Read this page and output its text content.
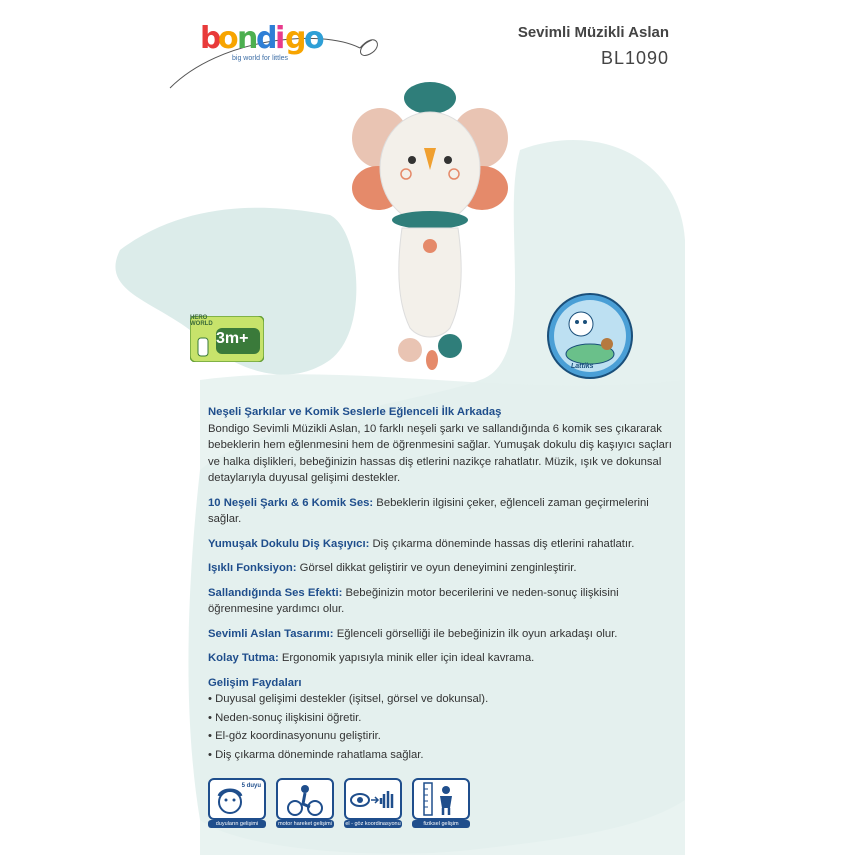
b
o n
d
i g
o
big world for littles
Sevimli Müzikli Aslan
BL1090
HERO WORLD
3m+
Lattiks
Neşeli Şarkılar ve Komik Seslerle Eğlenceli İlk Arkadaş

Bondigo Sevimli Müzikli Aslan, 10 farklı neşeli şarkı ve sallandığında 6 komik ses çıkararak bebeklerin hem eğlenmesini hem de öğrenmesini sağlar. Yumuşak dokulu diş kaşıyıcı saçları ve halka dişlikleri, bebeğinizin hassas diş etlerini nazikçe rahatlatır. Müzik, ışık ve dokunsal detaylarıyla duyusal gelişimi destekler.

10 Neşeli Şarkı & 6 Komik Ses: Bebeklerin ilgisini çeker, eğlenceli zaman geçirmelerini sağlar.

Yumuşak Dokulu Diş Kaşıyıcı: Diş çıkarma döneminde hassas diş etlerini rahatlatır.

Işıklı Fonksiyon: Görsel dikkat geliştirir ve oyun deneyimini zenginleştirir.

Sallandığında Ses Efekti: Bebeğinizin motor becerilerini ve neden-sonuç ilişkisini öğrenmesine yardımcı olur.

Sevimli Aslan Tasarımı: Eğlenceli görselliği ile bebeğinizin ilk oyun arkadaşı olur.

Kolay Tutma: Ergonomik yapısıyla minik eller için ideal kavrama.

Gelişim Faydaları
• Duyusal gelişimi destekler (işitsel, görsel ve dokunsal).
• Neden-sonuç ilişkisini öğretir.
• El-göz koordinasyonunu geliştirir.
• Diş çıkarma döneminde rahatlama sağlar.
5 duyu
duyuların gelişimi	motor hareket gelişimi	el - göz koordinasyonu	fiziksel gelişim
